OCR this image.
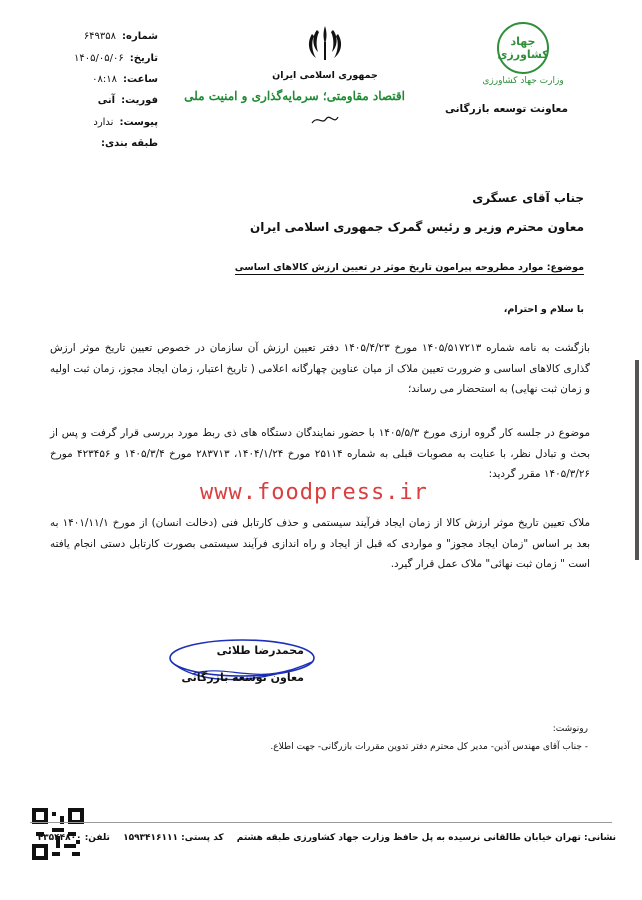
جهاد کشاورزی
وزارت جهاد کشاورزی
معاونت توسعه بازرگانی
جمهوری اسلامی ایران
اقتصاد مقاومتی؛ سرمایه‌گذاری و امنیت ملی
شماره:
۶۴۹۳۵۸
تاریخ:
۱۴۰۵/۰۵/۰۶
ساعت:
۰۸:۱۸
فوریت:
آنی
پیوست:
ندارد
طبقه بندی:
جناب آقای عسگری
معاون محترم وزیر و رئیس گمرک جمهوری اسلامی ایران
موضوع: موارد مطروحه پیرامون تاریخ موثر در تعیین ارزش کالاهای اساسی
با سلام و احترام،
بازگشت به نامه شماره ۱۴۰۵/۵۱۷۲۱۳ مورخ ۱۴۰۵/۴/۲۳ دفتر تعیین ارزش آن سازمان در خصوص تعیین تاریخ موثر ارزش گذاری کالاهای اساسی و ضرورت تعیین ملاک از میان عناوین چهارگانه اعلامی ( تاریخ اعتبار، زمان ایجاد مجوز، زمان ثبت اولیه و زمان ثبت نهایی) به استحضار می رساند؛
موضوع در جلسه کار گروه ارزی مورخ ۱۴۰۵/۵/۳ با حضور نمایندگان دستگاه های ذی ربط مورد بررسی قرار گرفت و پس از بحث و تبادل نظر، با عنایت به مصوبات قبلی به شماره ۲۵۱۱۴ مورخ ۱۴۰۴/۱/۲۴، ۲۸۳۷۱۳ مورخ ۱۴۰۵/۳/۴ و ۴۲۳۴۵۶ مورخ ۱۴۰۵/۳/۲۶ مقرر گردید:
ملاک تعیین تاریخ موثر ارزش کالا از زمان ایجاد فرآیند سیستمی و حذف کارتابل فنی (دخالت انسان) از مورخ ۱۴۰۱/۱۱/۱ به بعد بر اساس "زمان ایجاد مجوز" و مواردی که قبل از ایجاد و راه اندازی فرآیند سیستمی بصورت کارتابل دستی انجام یافته است " زمان ثبت نهائی" ملاک عمل قرار گیرد.
www.foodpress.ir
محمدرضا طلائی
معاون توسعه بازرگانی
رونوشت:
- جناب آقای مهندس آذین- مدیر کل محترم دفتر تدوین مقررات بازرگانی- جهت اطلاع.
نشانی: تهران خیابان طالقانی نرسیده به پل حافظ وزارت جهاد کشاورزی طبقه هشتم کد پستی: ۱۵۹۳۴۱۶۱۱۱ تلفن: ۴۳۵۴۴۸۰۰
